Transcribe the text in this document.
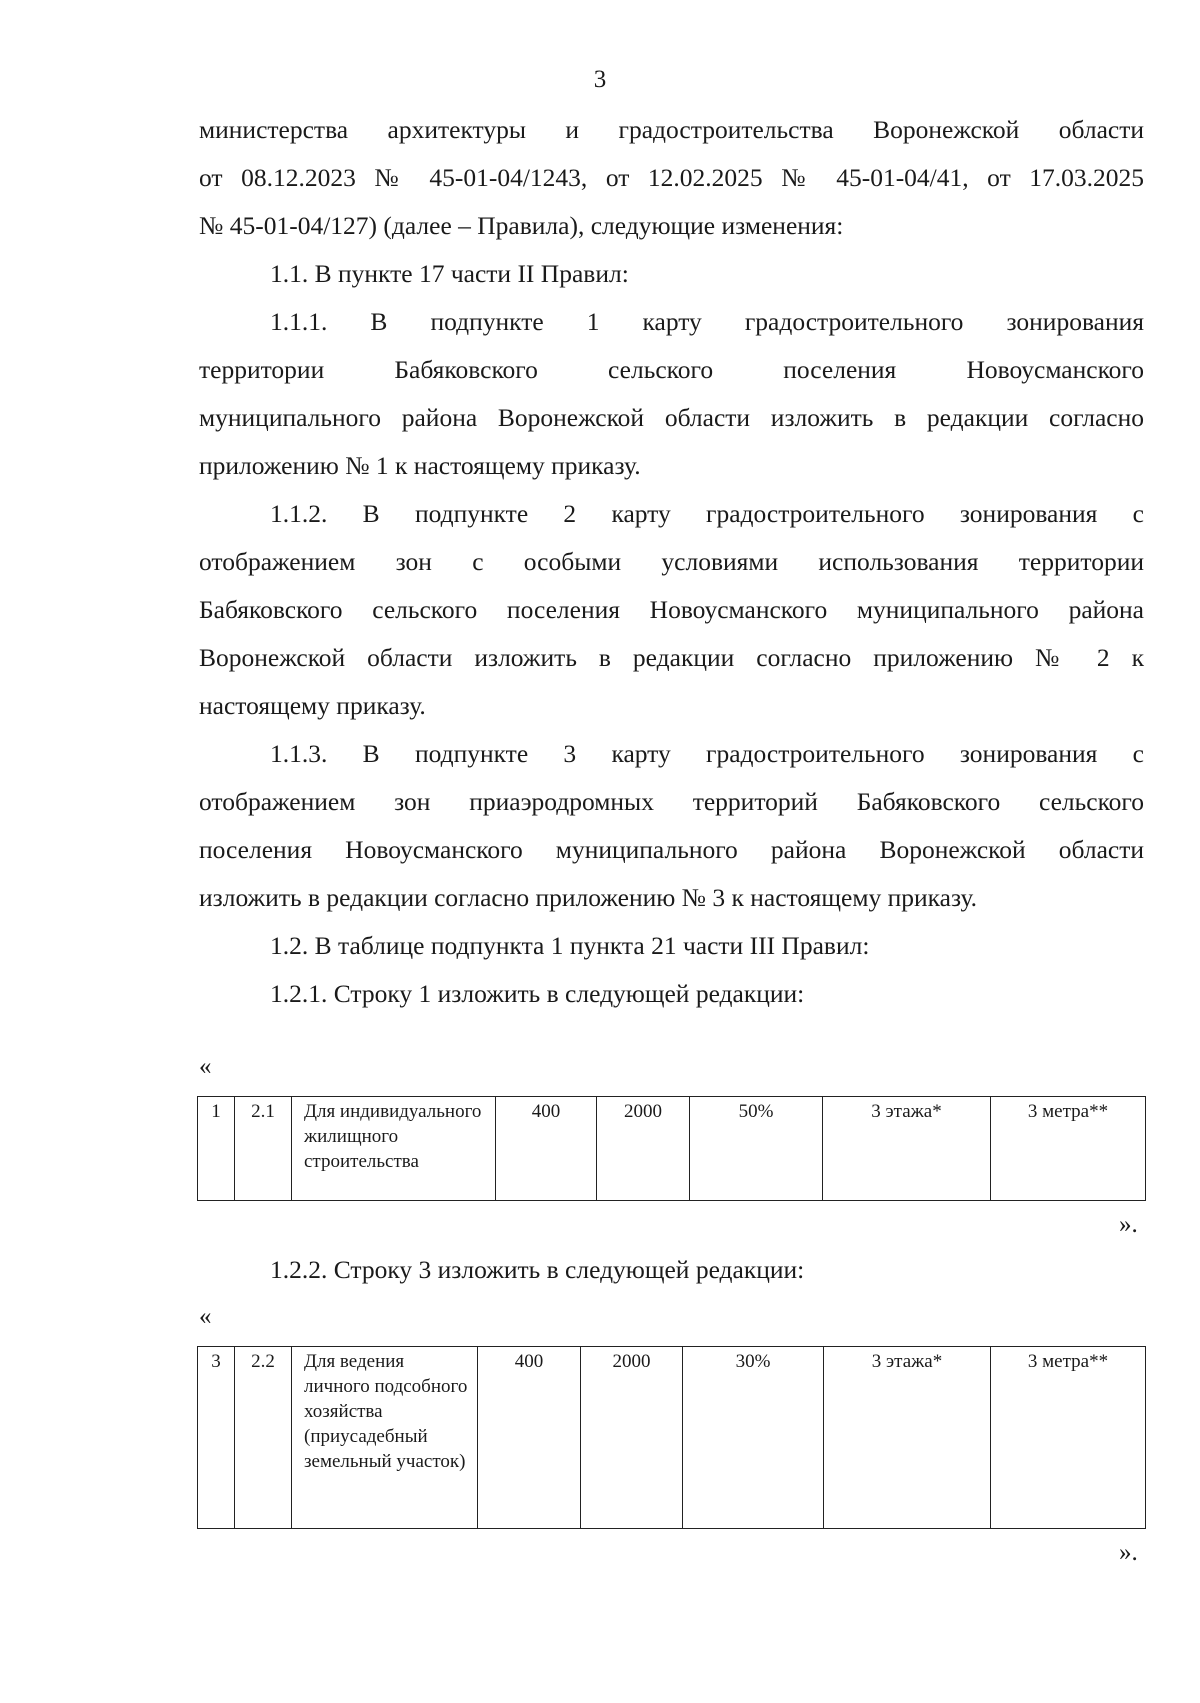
3
министерства архитектуры и градостроительства Воронежской области
от 08.12.2023 № 45-01-04/1243, от 12.02.2025 № 45-01-04/41, от 17.03.2025
№ 45-01-04/127) (далее – Правила), следующие изменения:
1.1. В пункте 17 части II Правил:
1.1.1. В подпункте 1 карту градостроительного зонирования
территории Бабяковского сельского поселения Новоусманского
муниципального района Воронежской области изложить в редакции согласно
приложению № 1 к настоящему приказу.
1.1.2. В подпункте 2 карту градостроительного зонирования с
отображением зон с особыми условиями использования территории
Бабяковского сельского поселения Новоусманского муниципального района
Воронежской области изложить в редакции согласно приложению № 2 к
настоящему приказу.
1.1.3. В подпункте 3 карту градостроительного зонирования с
отображением зон приаэродромных территорий Бабяковского сельского
поселения Новоусманского муниципального района Воронежской области
изложить в редакции согласно приложению № 3 к настоящему приказу.
1.2. В таблице подпункта 1 пункта 21 части III Правил:
1.2.1. Строку 1 изложить в следующей редакции:
«
1	2.1	Для индивидуального жилищного строительства	400	2000	50%	3 этажа*	3 метра**
».
1.2.2. Строку 3 изложить в следующей редакции:
«
3	2.2	Для ведения личного подсобного хозяйства (приусадебный земельный участок)	400	2000	30%	3 этажа*	3 метра**
».
